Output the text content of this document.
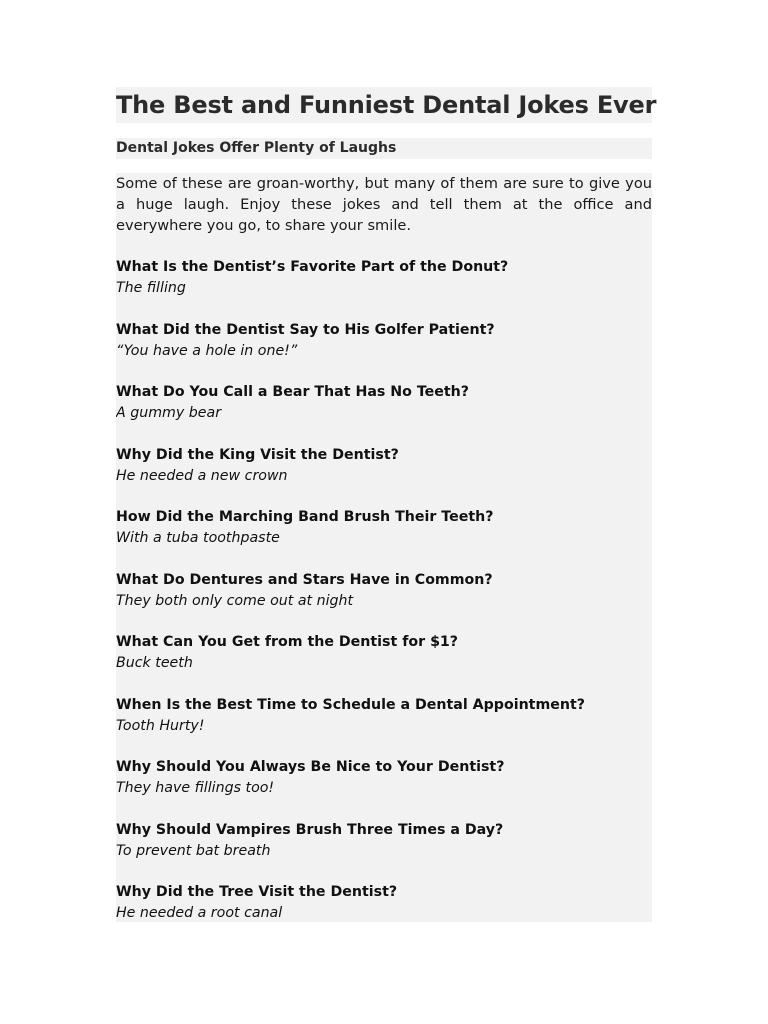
The Best and Funniest Dental Jokes Ever
Dental Jokes Offer Plenty of Laughs

Some of these are groan-worthy, but many of them are sure to give you a huge laugh. Enjoy these jokes and tell them at the office and everywhere you go, to share your smile.

What Is the Dentist’s Favorite Part of the Donut?

The filling

What Did the Dentist Say to His Golfer Patient?

“You have a hole in one!”

What Do You Call a Bear That Has No Teeth?

A gummy bear

Why Did the King Visit the Dentist?

He needed a new crown

How Did the Marching Band Brush Their Teeth?

With a tuba toothpaste

What Do Dentures and Stars Have in Common?

They both only come out at night

What Can You Get from the Dentist for $1?

Buck teeth

When Is the Best Time to Schedule a Dental Appointment?

Tooth Hurty!

Why Should You Always Be Nice to Your Dentist?

They have fillings too!

Why Should Vampires Brush Three Times a Day?

To prevent bat breath

Why Did the Tree Visit the Dentist?

He needed a root canal
